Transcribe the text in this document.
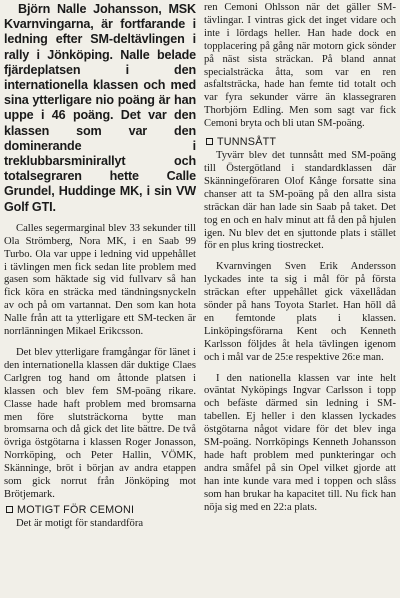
Björn Nalle Johansson, MSK Kvarnvingarna, är fortfarande i ledning efter SM-deltävlingen i rally i Jönköping. Nalle belade fjärdeplatsen i den internationella klassen och med sina ytterligare nio poäng är han uppe i 46 poäng. Det var den klassen som var den dominerande i treklubbarsminirallyt och totalsegraren hette Calle Grundel, Huddinge MK, i sin VW Golf GTI.

Calles segermarginal blev 33 sekunder till Ola Strömberg, Nora MK, i en Saab 99 Turbo. Ola var uppe i ledning vid uppehållet i tävlingen men fick sedan lite problem med gasen som häktade sig vid fullvarv så han fick köra en sträcka med tändningsnyckeln av och på om vartannat. Den som kan hota Nalle från att ta ytterligare ett SM-tecken är norrlänningen Mikael Erikcsson.

Det blev ytterligare framgångar för länet i den internationella klassen där duktige Claes Carlgren tog hand om åttonde platsen i klassen och blev fem SM-poäng rikare. Classe hade haft problem med bromsarna men före slutsträckorna bytte man bromsarna och då gick det lite bättre. De två övriga östgötarna i klassen Roger Jonasson, Norrköping, och Peter Hallin, VÖMK, Skänninge, bröt i början av andra etappen som gick norrut från Jönköping mot Brötjemark.

MOTIGT FÖR CEMONI

Det är motigt för standardföra

ren Cemoni Ohlsson när det gäller SM-tävlingar. I vintras gick det inget vidare och inte i lördags heller. Han hade dock en topplacering på gång när motorn gick sönder på näst sista sträckan. På bland annat specialsträcka åtta, som var en ren asfaltsträcka, hade han femte tid totalt och var fyra sekunder värre än klassegraren Thorbjörn Edling. Men som sagt var fick Cemoni bryta och bli utan SM-poäng.

TUNNSÅTT

Tyvärr blev det tunnsått med SM-poäng till Östergötland i standardklassen där Skänningeföraren Olof Kånge forsatte sina chanser att ta SM-poäng på den allra sista sträckan där han lade sin Saab på taket. Det tog en och en halv minut att få den på hjulen igen. Nu blev det en sjuttonde plats i stället för en plus kring tiostrecket.

Kvarnvingen Sven Erik Andersson lyckades inte ta sig i mål för på första sträckan efter uppehållet gick växellådan sönder på hans Toyota Starlet. Han höll då en femtonde plats i klassen. Linköpingsförarna Kent och Kenneth Karlsson följdes åt hela tävlingen igenom och i mål var de 25:e respektive 26:e man.

I den nationella klassen var inte helt oväntat Nyköpings Ingvar Carlsson i topp och befäste därmed sin ledning i SM-tabellen. Ej heller i den klassen lyckades östgötarna något vidare för det blev inga SM-poäng. Norrköpings Kenneth Johansson hade haft problem med punkteringar och andra småfel på sin Opel vilket gjorde att han inte kunde vara med i toppen och slåss som han brukar ha kapacitet till. Nu fick han nöja sig med en 22:a plats.
